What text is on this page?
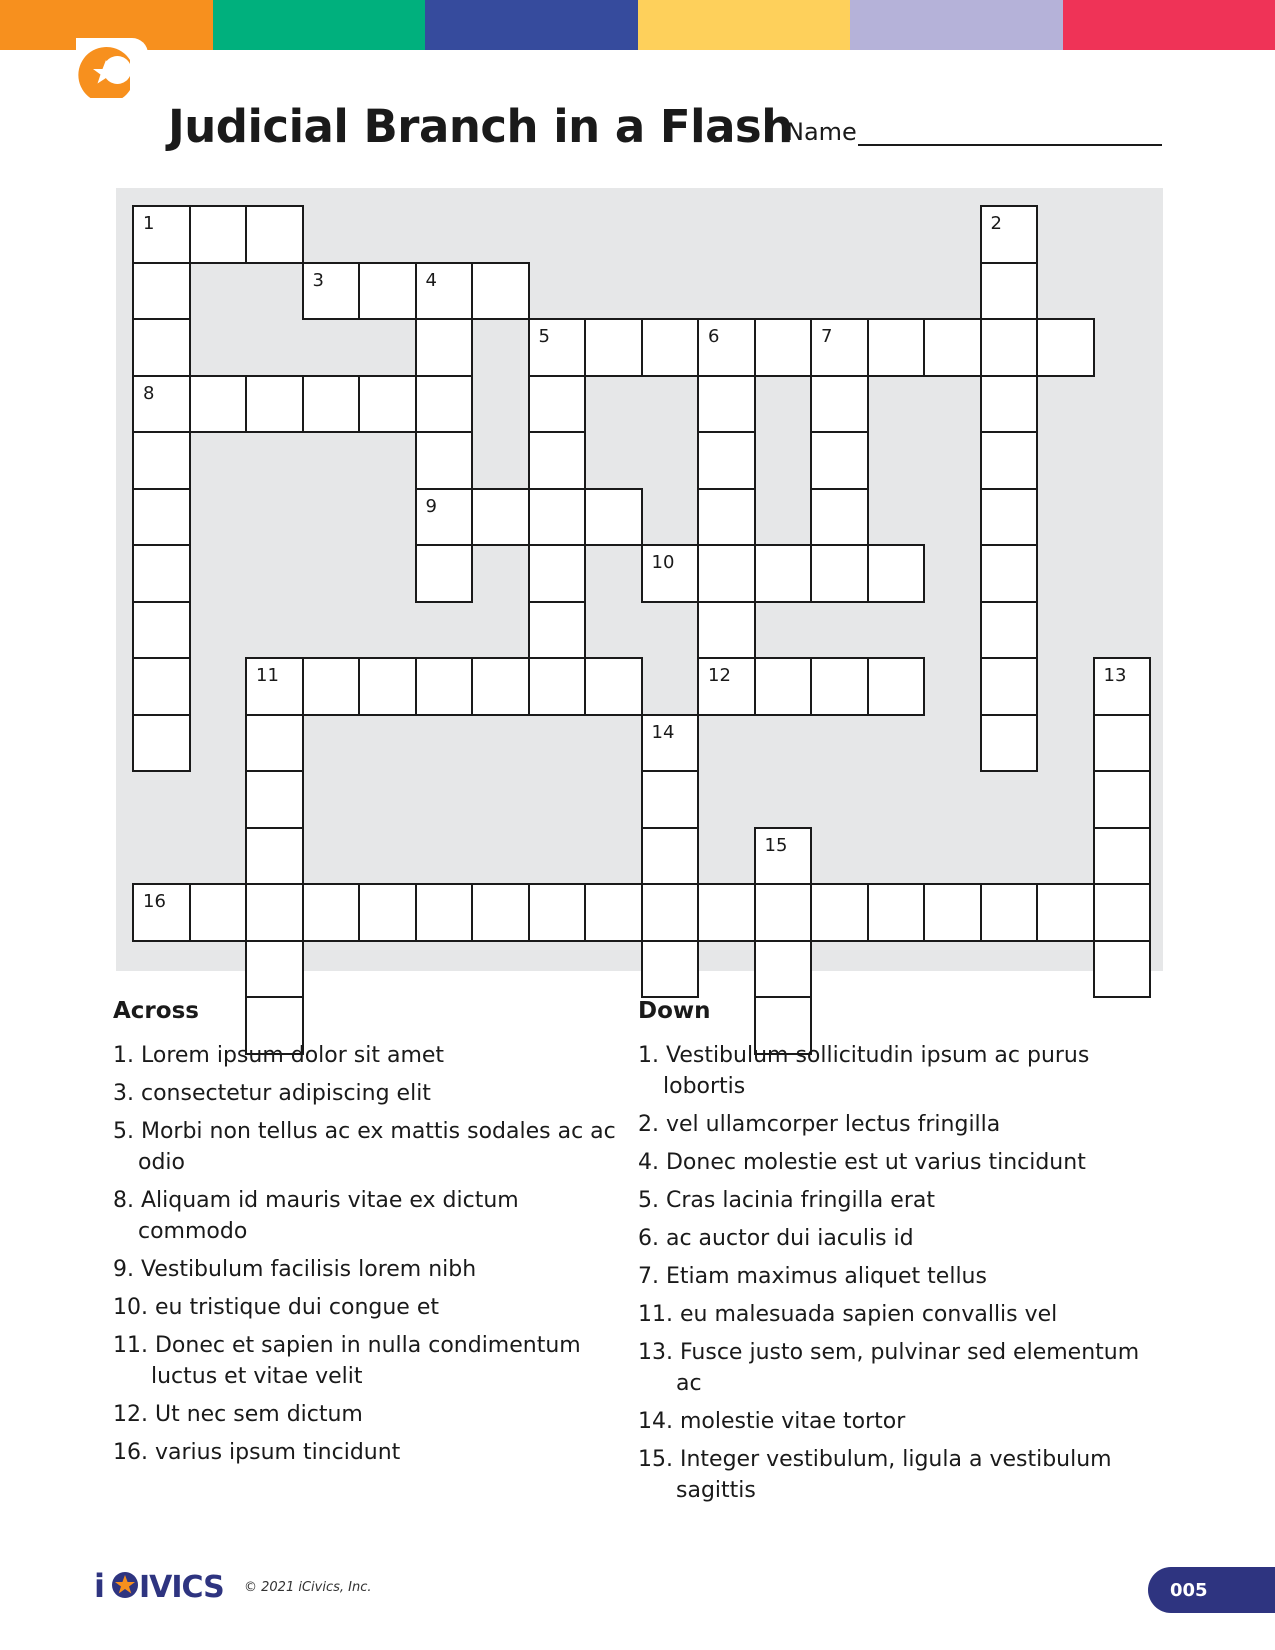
Judicial Branch in a Flash
Name
1
8
2
3	4
9
5	6	7
10
11	12	13
14
15
16
Across
1. Lorem ipsum dolor sit amet
3. consectetur adipiscing elit
5. Morbi non tellus ac ex mattis sodales ac ac odio
8. Aliquam id mauris vitae ex dictum commodo
9. Vestibulum facilisis lorem nibh
10. eu tristique dui congue et
11. Donec et sapien in nulla condimentum luctus et vitae velit
12. Ut nec sem dictum
16. varius ipsum tincidunt
Down
1. Vestibulum sollicitudin ipsum ac purus lobortis
2. vel ullamcorper lectus fringilla
4. Donec molestie est ut varius tincidunt
5. Cras lacinia fringilla erat
6. ac auctor dui iaculis id
7. Etiam maximus aliquet tellus
11. eu malesuada sapien convallis vel
13. Fusce justo sem, pulvinar sed elementum ac
14. molestie vitae tortor
15. Integer vestibulum, ligula a vestibulum sagittis
i IVICS © 2021 iCivics, Inc.	005
